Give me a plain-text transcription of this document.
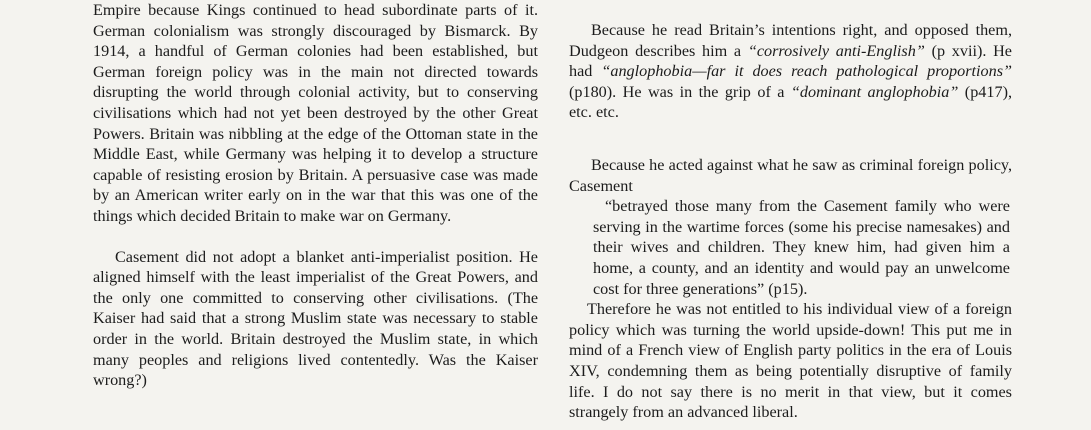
Empire because Kings continued to head subordinate parts of it. German colonialism was strongly discouraged by Bismarck. By 1914, a handful of German colonies had been established, but German foreign policy was in the main not directed towards disrupting the world through colonial activity, but to conserving civilisations which had not yet been destroyed by the other Great Powers. Britain was nibbling at the edge of the Ottoman state in the Middle East, while Germany was helping it to develop a structure capable of resisting erosion by Britain. A persuasive case was made by an American writer early on in the war that this was one of the things which decided Britain to make war on Germany.

Casement did not adopt a blanket anti-imperialist position. He aligned himself with the least imperialist of the Great Powers, and the only one committed to conserving other civilisations. (The Kaiser had said that a strong Muslim state was necessary to stable order in the world. Britain destroyed the Muslim state, in which many peoples and religions lived contentedly. Was the Kaiser wrong?)

Because he read Britain’s intentions right, and opposed them, Dudgeon describes him a “corrosively anti-English” (p xvii). He had “anglophobia—far it does reach pathological proportions” (p180). He was in the grip of a “dominant anglophobia” (p417), etc. etc.

Because he acted against what he saw as criminal foreign policy, Casement

“betrayed those many from the Casement family who were serving in the wartime forces (some his precise namesakes) and their wives and children. They knew him, had given him a home, a county, and an identity and would pay an unwelcome cost for three generations” (p15).

Therefore he was not entitled to his individual view of a foreign policy which was turning the world upside-down! This put me in mind of a French view of English party politics in the era of Louis XIV, condemning them as being potentially disruptive of family life. I do not say there is no merit in that view, but it comes strangely from an advanced liberal.
